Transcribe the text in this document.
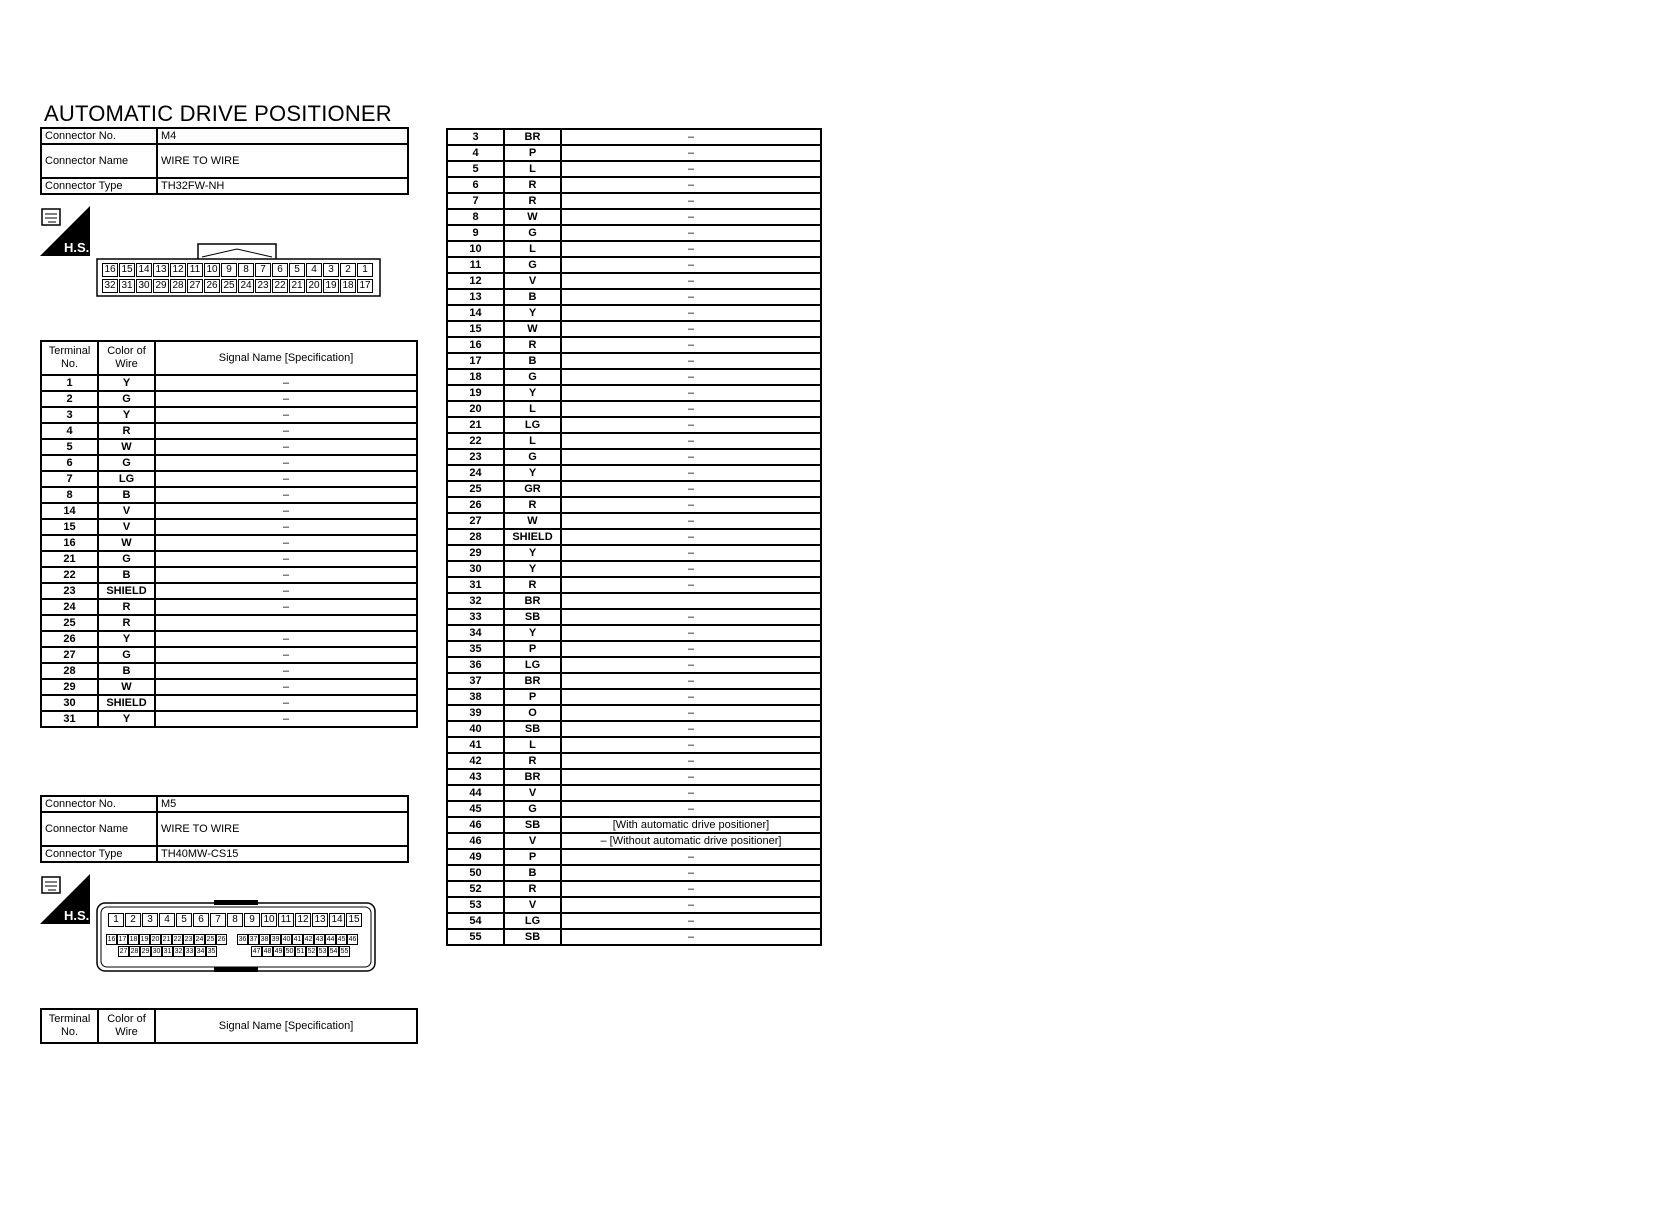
AUTOMATIC DRIVE POSITIONER
Connector No.	M4
Connector Name	WIRE TO WIRE
Connector Type	TH32FW-NH
H.S.
16 15 14 13 12 11 10 9	8	7	6	5	4	3	2	1
32 31 30 29 28 27 26 25 24 23 22 21 20 19 18 17
Terminal No.	Color of Wire	Signal Name [Specification]
1	Y	–
2	G	–
3	Y	–
4	R	–
5	W	–
6	G	–
7	LG	–
8	B	–
14	V	–
15	V	–
16	W	–
21	G	–
22	B	–
23	SHIELD	–
24	R	–
25	R	
26	Y	–
27	G	–
28	B	–
29	W	–
30	SHIELD	–
31	Y	–
Connector No.	M5
Connector Name	WIRE TO WIRE
Connector Type	TH40MW-CS15
H.S.	1	2	3	4	5	6	7	8	9 10 11 12 13 14 15
16 17 18 19 20 21 22 23 24 25 26 36 37 38 39 40 41 42 43 44 45 46
27 28 29 30 31 32 33 34 35	47 48 49 50 51 52 53 54 55
Terminal No.	Color of Wire	Signal Name [Specification]
3	BR	–
4	P	–
5	L	–
6	R	–
7	R	–
8	W	–
9	G	–
10	L	–
11	G	–
12	V	–
13	B	–
14	Y	–
15	W	–
16	R	–
17	B	–
18	G	–
19	Y	–
20	L	–
21	LG	–
22	L	–
23	G	–
24	Y	–
25	GR	–
26	R	–
27	W	–
28	SHIELD	–
29	Y	–
30	Y	–
31	R	–
32	BR	
33	SB	–
34	Y	–
35	P	–
36	LG	–
37	BR	–
38	P	–
39	O	–
40	SB	–
41	L	–
42	R	–
43	BR	–
44	V	–
45	G	–
46	SB	[With automatic drive positioner]
46	V	– [Without automatic drive positioner]
49	P	–
50	B	–
52	R	–
53	V	–
54	LG	–
55	SB	–
